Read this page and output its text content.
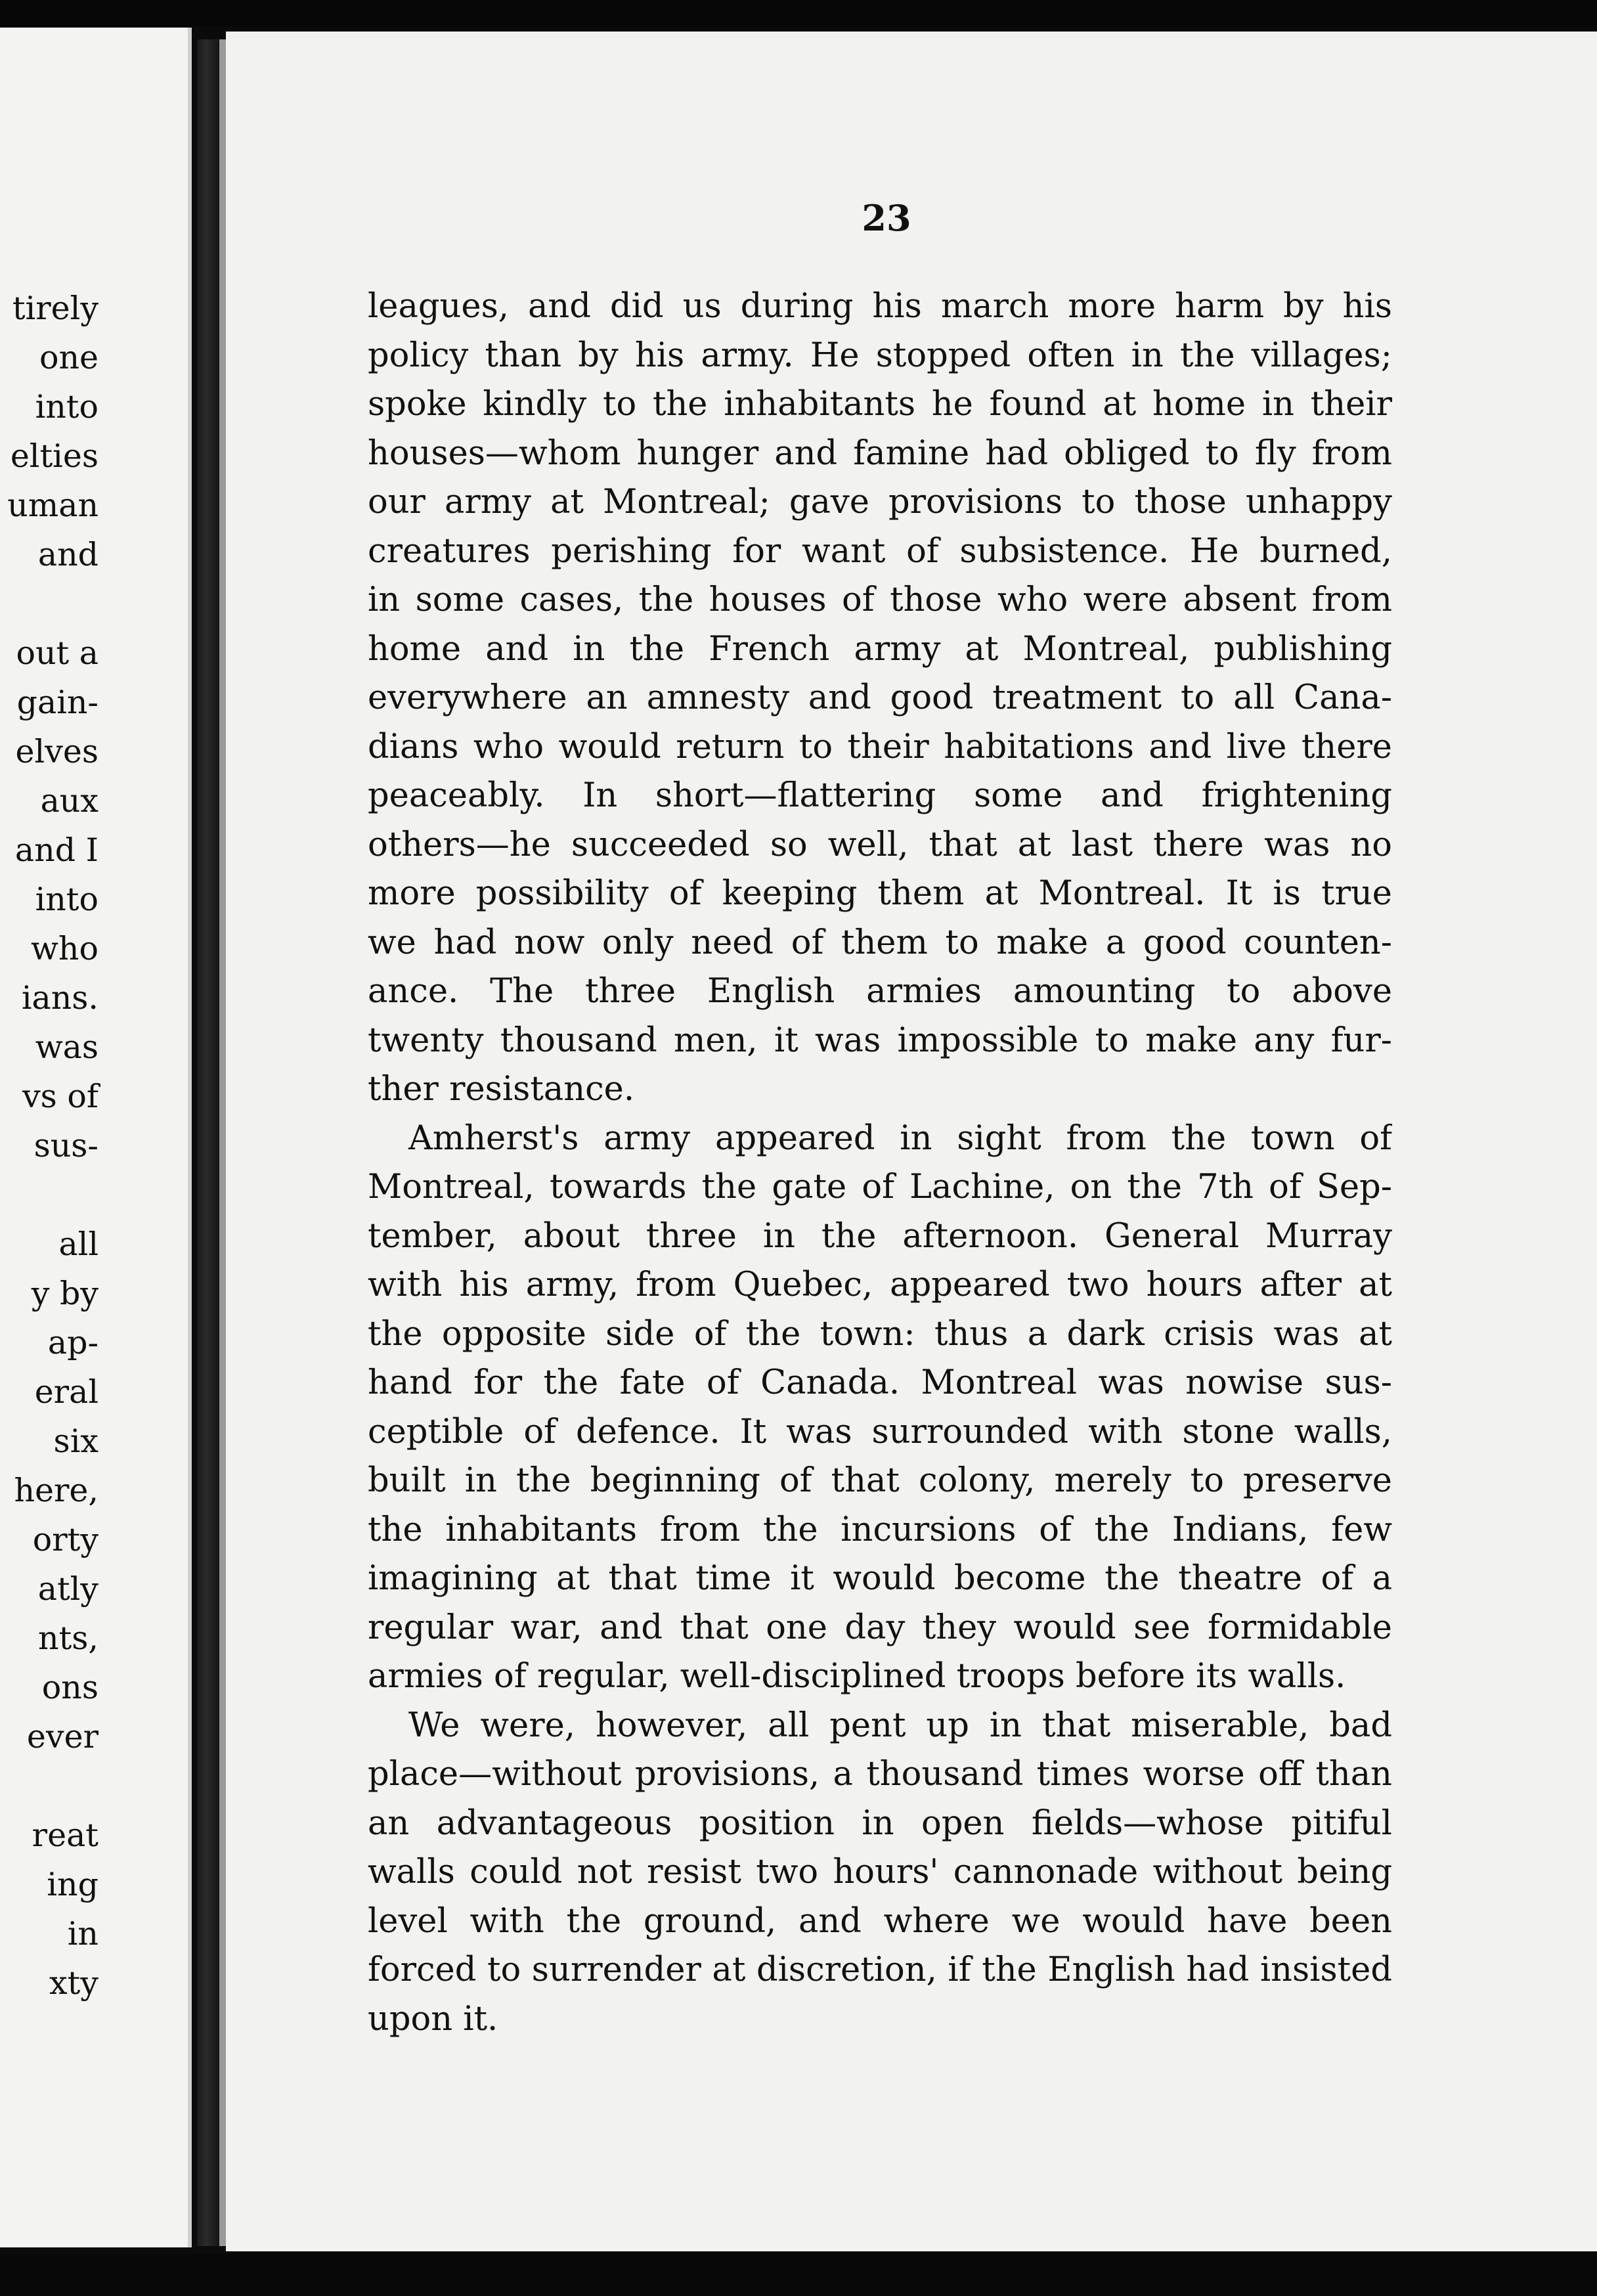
tirely
one
into
elties
uman
and
out a
gain-
elves
aux
and I
into
who
ians.
was
vs of
sus-
all
y by
ap-
eral
six
here,
orty
atly
nts,
ons
ever
reat
ing
in
xty
23
leagues, and did us during his march more harm by his
policy than by his army. He stopped often in the villages;
spoke kindly to the inhabitants he found at home in their
houses—whom hunger and famine had obliged to fly from
our army at Montreal; gave provisions to those unhappy
creatures perishing for want of subsistence. He burned,
in some cases, the houses of those who were absent from
home and in the French army at Montreal, publishing
everywhere an amnesty and good treatment to all Cana-
dians who would return to their habitations and live there
peaceably. In short—flattering some and frightening
others—he succeeded so well, that at last there was no
more possibility of keeping them at Montreal. It is true
we had now only need of them to make a good counten-
ance. The three English armies amounting to above
twenty thousand men, it was impossible to make any fur-
ther resistance.
Amherst's army appeared in sight from the town of
Montreal, towards the gate of Lachine, on the 7th of Sep-
tember, about three in the afternoon. General Murray
with his army, from Quebec, appeared two hours after at
the opposite side of the town: thus a dark crisis was at
hand for the fate of Canada. Montreal was nowise sus-
ceptible of defence. It was surrounded with stone walls,
built in the beginning of that colony, merely to preserve
the inhabitants from the incursions of the Indians, few
imagining at that time it would become the theatre of a
regular war, and that one day they would see formidable
armies of regular, well-disciplined troops before its walls.
We were, however, all pent up in that miserable, bad
place—without provisions, a thousand times worse off than
an advantageous position in open fields—whose pitiful
walls could not resist two hours' cannonade without being
level with the ground, and where we would have been
forced to surrender at discretion, if the English had insisted
upon it.
